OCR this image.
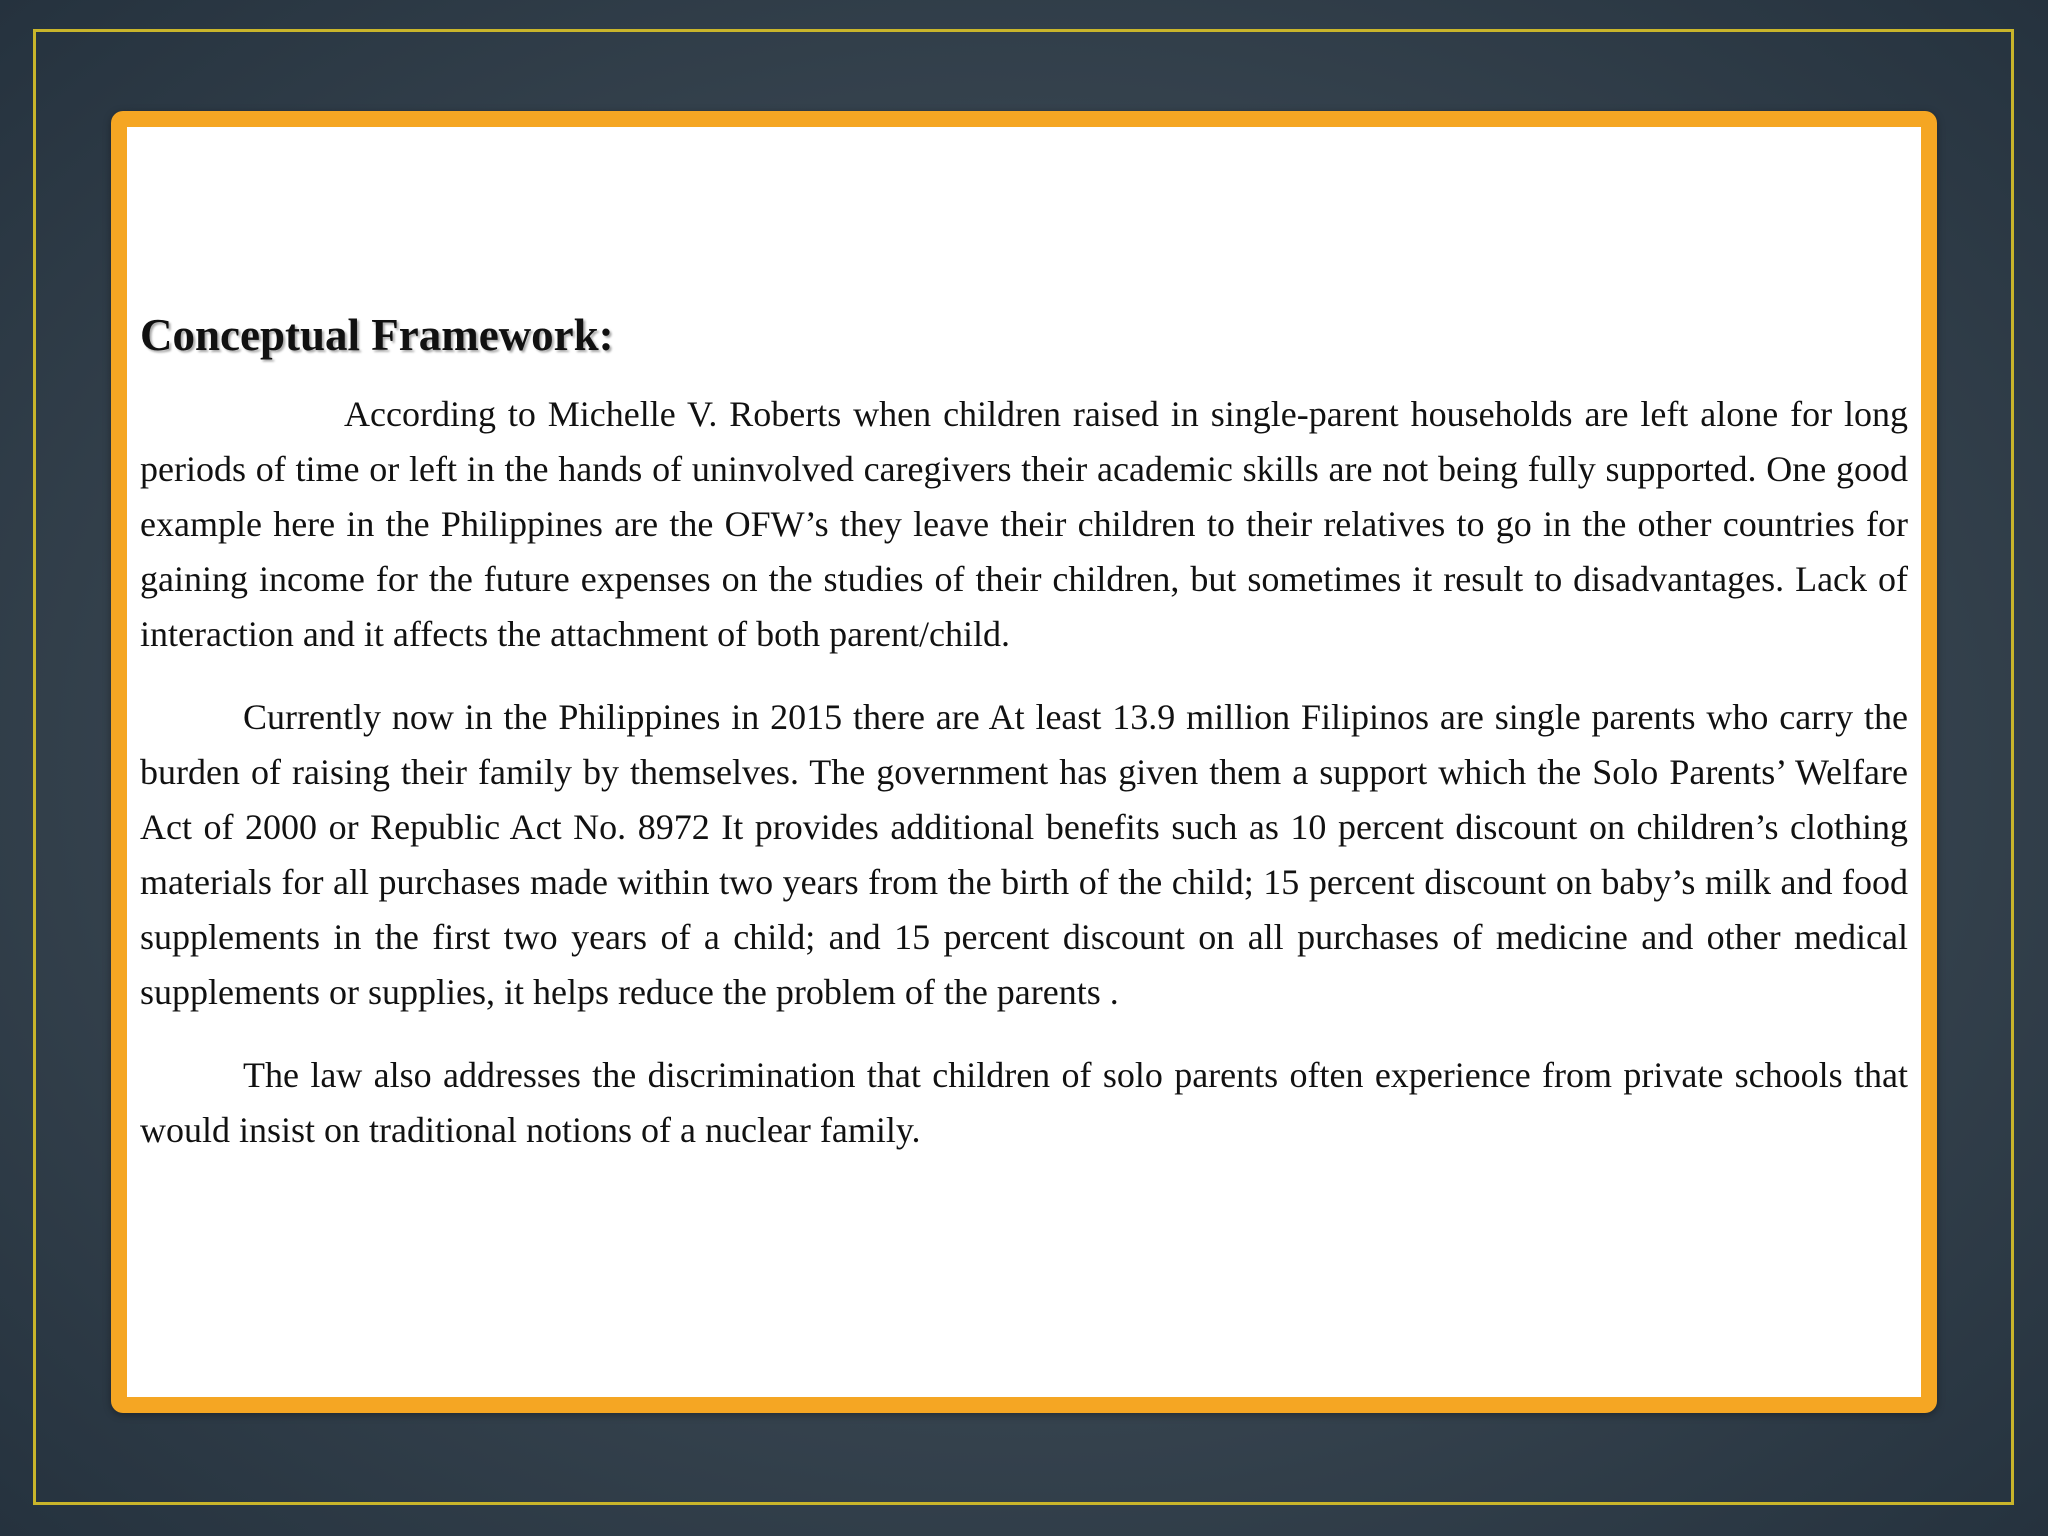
Conceptual Framework:

According to Michelle V. Roberts when children raised in single-parent households are left alone for long periods of time or left in the hands of uninvolved caregivers their academic skills are not being fully supported. One good example here in the Philippines are the OFW’s they leave their children to their relatives to go in the other countries for gaining income for the future expenses on the studies of their children, but sometimes it result to disadvantages. Lack of interaction and it affects the attachment of both parent/child.

Currently now in the Philippines in 2015 there are At least 13.9 million Filipinos are single parents who carry the burden of raising their family by themselves. The government has given them a support which the Solo Parents’ Welfare Act of 2000 or Republic Act No. 8972 It provides additional benefits such as 10 percent discount on children’s clothing materials for all purchases made within two years from the birth of the child; 15 percent discount on baby’s milk and food supplements in the first two years of a child; and 15 percent discount on all purchases of medicine and other medical supplements or supplies, it helps reduce the problem of the parents .

The law also addresses the discrimination that children of solo parents often experience from private schools that would insist on traditional notions of a nuclear family.
